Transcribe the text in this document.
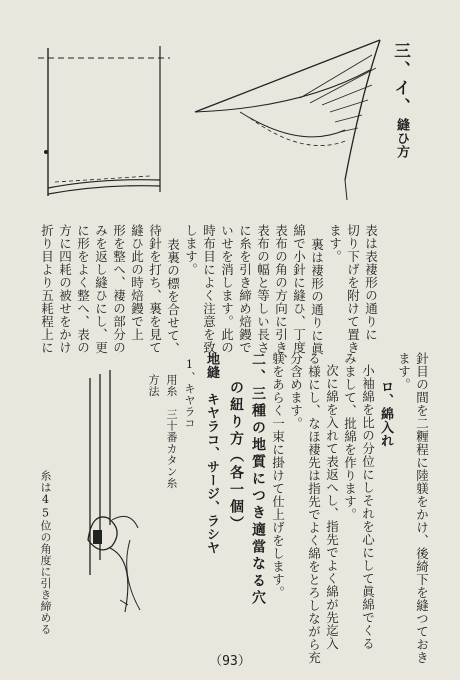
三、イ、
縫ひ方
表は表褄形の通りに
切り下げを附けて置き
ます。
裏は褄形の通りに眞
綿で小針に縫ひ、丁度
表布の角の方向に引き、
表布の幅と等しい長さ
に糸を引き締め焙鏝で
いせを消します。此の
時布目によく注意を致
します。
表裏の標を合せて、
待針を打ち、裏を見て
縫ひ此の時焙鏝で上
形を整へ、褄の部分の
みを返し縫ひにし、更
に形をよく整へ、表の
方に四耗の被せをかけ
折り目より五耗程上に
針目の間を二糎程に陸躾をかけ、後綺下を縫つておき
ます。
ロ、綿入れ
小袖綿を比の分位にしそれを心にして眞綿でくる
みまして、批綿を作ります。
次に綿を入れて表返へし、指先でよく綿が先迄入
る様にし、なほ褄先は指先でよく綿をとろしながら充
分含めます。
躾をあらく一束に掛けて仕上げをします。
二、三種の地質につき適當なる穴
の紐り方（各一個）
地縫　キヤラコ、サージ、ラシヤ
1、キヤラコ
用糸　三十番カタン糸
方法
糸は45位の角度に引き締める
（93）
